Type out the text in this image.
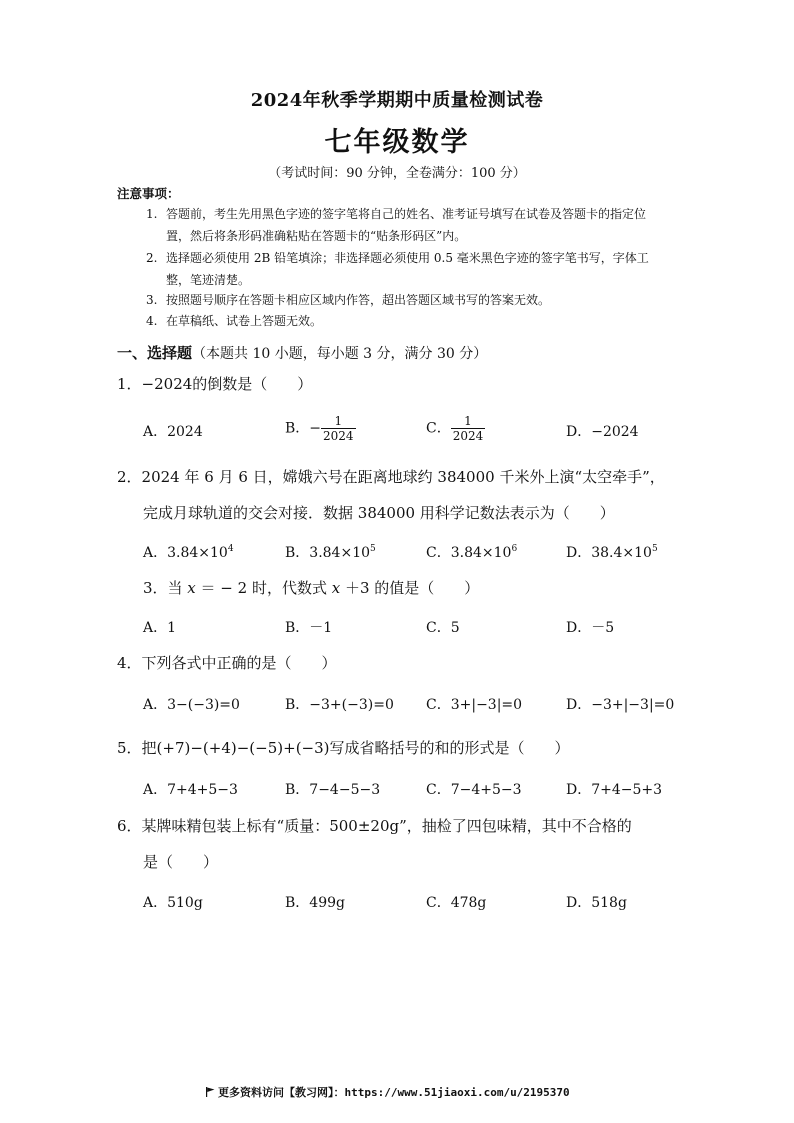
2024年秋季学期期中质量检测试卷
七年级数学
（考试时间：90 分钟，全卷满分：100 分）
注意事项：
1. 答题前，考生先用黑色字迹的签字笔将自己的姓名、准考证号填写在试卷及答题卡的指定位置，然后将条形码准确粘贴在答题卡的“贴条形码区”内。
2. 选择题必须使用 2B 铅笔填涂；非选择题必须使用 0.5 毫米黑色字迹的签字笔书写，字体工整，笔迹清楚。
3. 按照题号顺序在答题卡相应区域内作答，超出答题区域书写的答案无效。
4. 在草稿纸、试卷上答题无效。
一、选择题（本题共 10 小题，每小题 3 分，满分 30 分）
1．−2024的倒数是（　　）
A．2024	B．− $\frac{1}{2024}$	C． $\frac{1}{2024}$	D．−2024
2．2024 年 6 月 6 日，嫦娥六号在距离地球约 384000 千米外上演“太空牵手”，
完成月球轨道的交会对接．数据 384000 用科学记数法表示为（　　）
A．$3.84\times 10^4$	B．$3.84\times 10^5$	C．$3.84\times 10^6$	D．$38.4\times 10^5$
3．当 𝑥 ＝ − 2 时，代数式 𝑥 ＋3 的值是（　　）
A．1	B．－1	C．5	D．－5
4．下列各式中正确的是（　　）
A．3−(−3)=0	B．−3+(−3)=0 C．3+|−3|=0	D．−3+|−3|=0
5．把(+7)−(+4)−(−5)+(−3)写成省略括号的和的形式是（　　）
A．7+4+5−3	B．7−4−5−3	C．7−4+5−3	D．7+4−5+3
6．某牌味精包装上标有“质量：500±20g”，抽检了四包味精，其中不合格的
是（　　）
A．510g	B．499g	C．478g	D．518g
更多资料访问【教习网】：https://www.51jiaoxi.com/u/2195370
